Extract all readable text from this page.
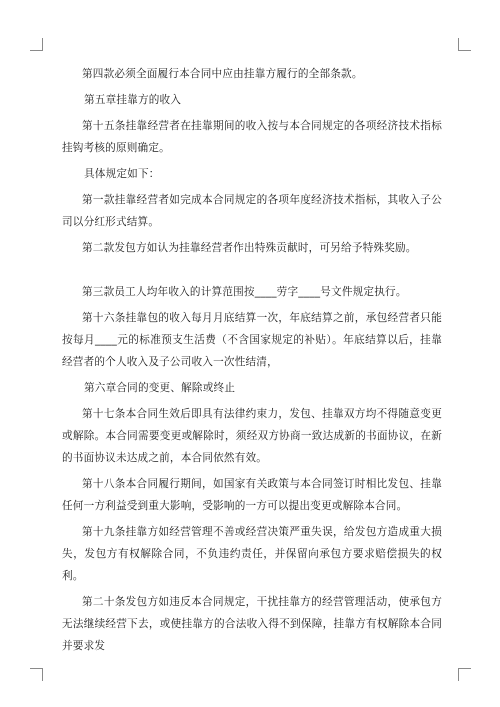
第四款必须全面履行本合同中应由挂靠方履行的全部条款。

第五章挂靠方的收入

第十五条挂靠经营者在挂靠期间的收入按与本合同规定的各项经济技术指标挂钩考核的原则确定。

具体规定如下：

第一款挂靠经营者如完成本合同规定的各项年度经济技术指标，其收入子公司以分红形式结算。

第二款发包方如认为挂靠经营者作出特殊贡献时，可另给予特殊奖励。

第三款员工人均年收入的计算范围按____劳字____号文件规定执行。

第十六条挂靠包的收入每月月底结算一次，年底结算之前，承包经营者只能按每月____元的标准预支生活费（不含国家规定的补贴）。年底结算以后，挂靠经营者的个人收入及子公司收入一次性结清，

第六章合同的变更、解除或终止

第十七条本合同生效后即具有法律约束力，发包、挂靠双方均不得随意变更或解除。本合同需要变更或解除时，须经双方协商一致达成新的书面协议，在新的书面协议未达成之前，本合同依然有效。

第十八条本合同履行期间，如国家有关政策与本合同签订时相比发包、挂靠任何一方利益受到重大影响，受影响的一方可以提出变更或解除本合同。

第十九条挂靠方如经营管理不善或经营决策严重失误，给发包方造成重大损失，发包方有权解除合同，不负违约责任，并保留向承包方要求赔偿损失的权利。

第二十条发包方如违反本合同规定，干扰挂靠方的经营管理活动，使承包方无法继续经营下去，或使挂靠方的合法收入得不到保障，挂靠方有权解除本合同并要求发
